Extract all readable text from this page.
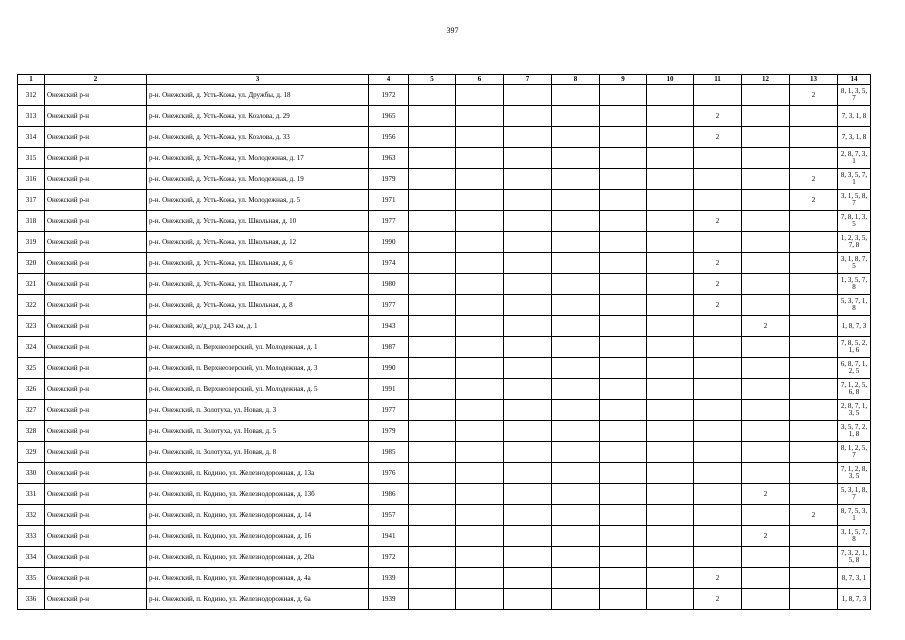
397
1	2	3	4	5	6	7	8	9	10	11	12	13	14
312	Онежский р-н	р-н. Онежский, д. Усть-Кожа, ул. Дружбы, д. 18	1972									2	8, 1, 3, 5, 7
313	Онежский р-н	р-н. Онежский, д. Усть-Кожа, ул. Козлова, д. 29	1965							2			7, 3, 1, 8
314	Онежский р-н	р-н. Онежский, д. Усть-Кожа, ул. Козлова, д. 33	1956							2			7, 3, 1, 8
315	Онежский р-н	р-н. Онежский, д. Усть-Кожа, ул. Молодежная, д. 17	1963										2, 8, 7, 3, 1
316	Онежский р-н	р-н. Онежский, д. Усть-Кожа, ул. Молодежная, д. 19	1979									2	8, 3, 5, 7, 1
317	Онежский р-н	р-н. Онежский, д. Усть-Кожа, ул. Молодежная, д. 5	1971									2	3, 1, 5, 8, 7
318	Онежский р-н	р-н. Онежский, д. Усть-Кожа, ул. Школьная, д. 10	1977							2			7, 8, 1, 3, 5
319	Онежский р-н	р-н. Онежский, д. Усть-Кожа, ул. Школьная, д. 12	1990										1, 2, 3, 5, 7, 8
320	Онежский р-н	р-н. Онежский, д. Усть-Кожа, ул. Школьная, д. 6	1974							2			3, 1, 8, 7, 5
321	Онежский р-н	р-н. Онежский, д. Усть-Кожа, ул. Школьная, д. 7	1980							2			1, 3, 5, 7, 8
322	Онежский р-н	р-н. Онежский, д. Усть-Кожа, ул. Школьная, д. 8	1977							2			5, 3, 7, 1, 8
323	Онежский р-н	р-н. Онежский, ж/д_рзд. 243 км, д. 1	1943								2		1, 8, 7, 3
324	Онежский р-н	р-н. Онежский, п. Верхнеозерский, ул. Молодежная, д. 1	1987										7, 8, 5, 2, 1, 6
325	Онежский р-н	р-н. Онежский, п. Верхнеозерский, ул. Молодежная, д. 3	1990										6, 8, 7, 1, 2, 5
326	Онежский р-н	р-н. Онежский, п. Верхнеозерский, ул. Молодежная, д. 5	1991										7, 1, 2, 5, 6, 8
327	Онежский р-н	р-н. Онежский, п. Золотуха, ул. Новая, д. 3	1977										2, 8, 7, 1, 3, 5
328	Онежский р-н	р-н. Онежский, п. Золотуха, ул. Новая, д. 5	1979										3, 5, 7, 2, 1, 8
329	Онежский р-н	р-н. Онежский, п. Золотуха, ул. Новая, д. 8	1985										8, 1, 2, 5, 7
330	Онежский р-н	р-н. Онежский, п. Кодино, ул. Железнодорожная, д. 13а	1976										7, 1, 2, 8, 3, 5
331	Онежский р-н	р-н. Онежский, п. Кодино, ул. Железнодорожная, д. 13б	1986								2		5, 3, 1, 8, 7
332	Онежский р-н	р-н. Онежский, п. Кодино, ул. Железнодорожная, д. 14	1957									2	8, 7, 5, 3, 1
333	Онежский р-н	р-н. Онежский, п. Кодино, ул. Железнодорожная, д. 16	1941								2		3, 1, 5, 7, 8
334	Онежский р-н	р-н. Онежский, п. Кодино, ул. Железнодорожная, д. 20а	1972										7, 3, 2, 1, 5, 8
335	Онежский р-н	р-н. Онежский, п. Кодино, ул. Железнодорожная, д. 4а	1939							2			8, 7, 3, 1
336	Онежский р-н	р-н. Онежский, п. Кодино, ул. Железнодорожная, д. 6а	1939							2			1, 8, 7, 3
